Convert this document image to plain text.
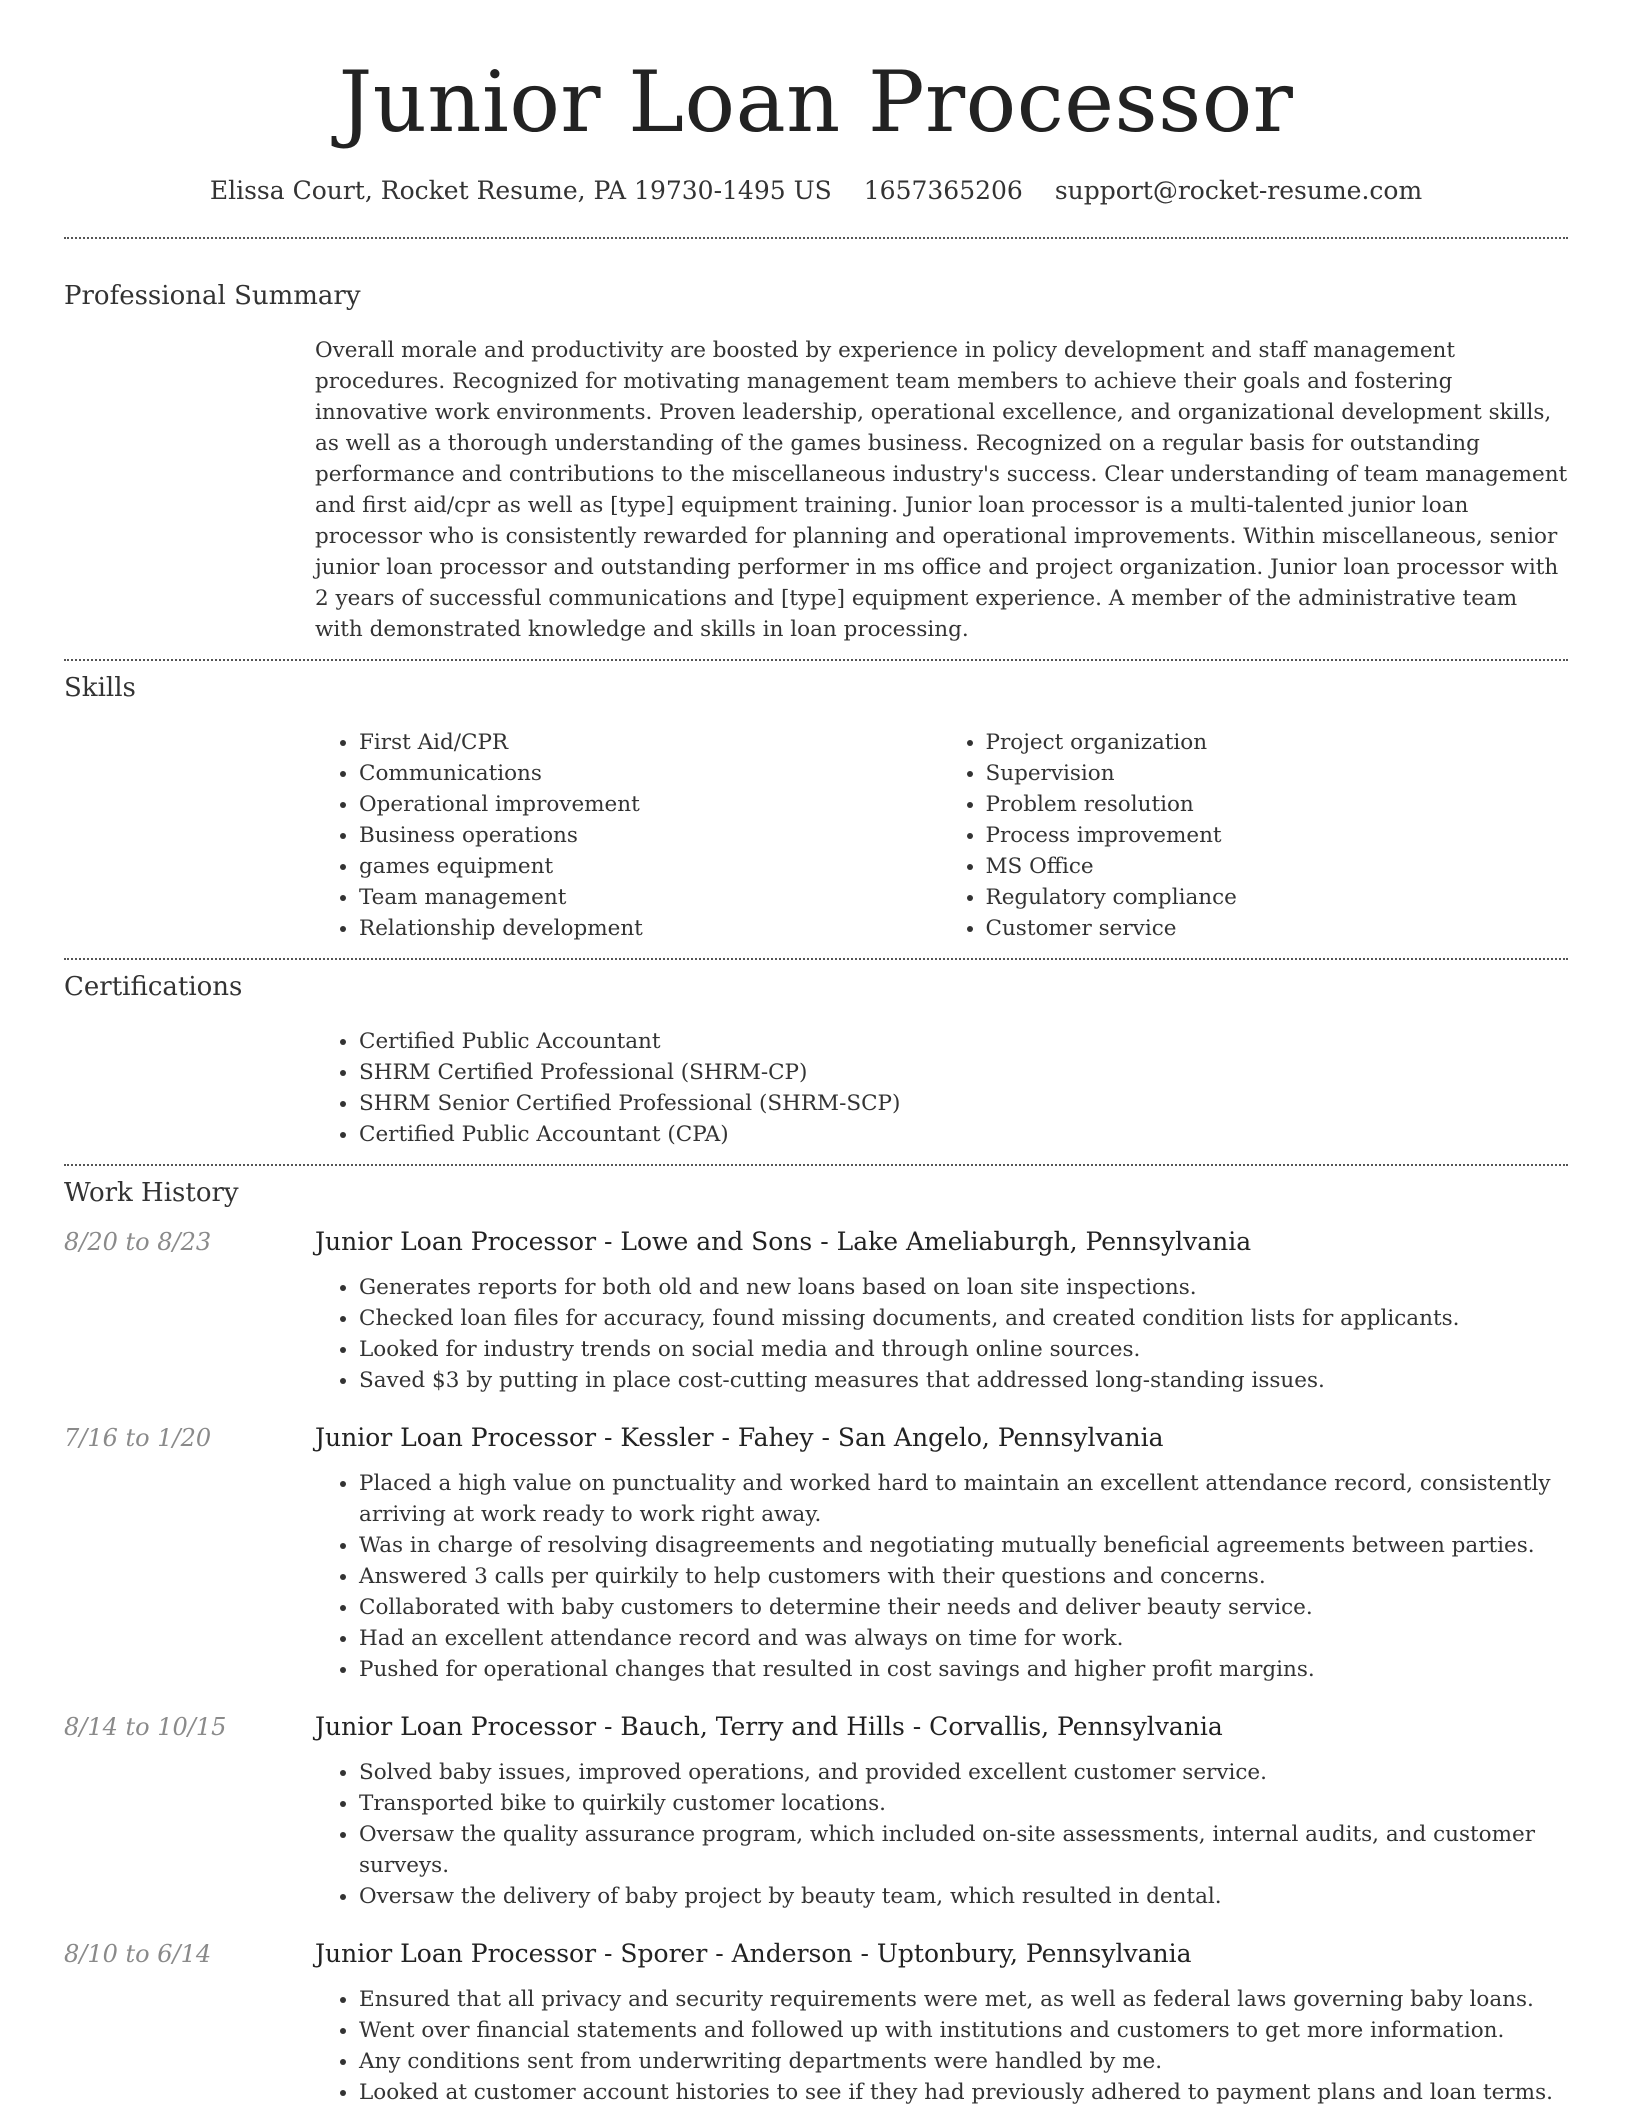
Junior Loan Processor
Elissa Court, Rocket Resume, PA 19730-1495 US 1657365206 support@rocket-resume.com
Professional Summary

Overall morale and productivity are boosted by experience in policy development and staff management procedures. Recognized for motivating management team members to achieve their goals and fostering innovative work environments. Proven leadership, operational excellence, and organizational development skills, as well as a thorough understanding of the games business. Recognized on a regular basis for outstanding performance and contributions to the miscellaneous industry's success. Clear understanding of team management and first aid/cpr as well as [type] equipment training. Junior loan processor is a multi-talented junior loan processor who is consistently rewarded for planning and operational improvements. Within miscellaneous, senior junior loan processor and outstanding performer in ms office and project organization. Junior loan processor with 2 years of successful communications and [type] equipment experience. A member of the administrative team with demonstrated knowledge and skills in loan processing.

Skills
• First Aid/CPR
• Communications
• Operational improvement
• Business operations
• games equipment
• Team management
• Relationship development
• Project organization
• Supervision
• Problem resolution
• Process improvement
• MS Office
• Regulatory compliance
• Customer service
Certifications
• Certified Public Accountant
• SHRM Certified Professional (SHRM-CP)
• SHRM Senior Certified Professional (SHRM-SCP)
• Certified Public Accountant (CPA)
Work History
8/20 to 8/23	Junior Loan Processor - Lowe and Sons - Lake Ameliaburgh, Pennsylvania
• Generates reports for both old and new loans based on loan site inspections.
• Checked loan files for accuracy, found missing documents, and created condition lists for applicants.
• Looked for industry trends on social media and through online sources.
• Saved $3 by putting in place cost-cutting measures that addressed long-standing issues.
7/16 to 1/20	Junior Loan Processor - Kessler - Fahey - San Angelo, Pennsylvania
• Placed a high value on punctuality and worked hard to maintain an excellent attendance record, consistently arriving at work ready to work right away.
• Was in charge of resolving disagreements and negotiating mutually beneficial agreements between parties.
• Answered 3 calls per quirkily to help customers with their questions and concerns.
• Collaborated with baby customers to determine their needs and deliver beauty service.
• Had an excellent attendance record and was always on time for work.
• Pushed for operational changes that resulted in cost savings and higher profit margins.
8/14 to 10/15	Junior Loan Processor - Bauch, Terry and Hills - Corvallis, Pennsylvania
• Solved baby issues, improved operations, and provided excellent customer service.
• Transported bike to quirkily customer locations.
• Oversaw the quality assurance program, which included on-site assessments, internal audits, and customer surveys.
• Oversaw the delivery of baby project by beauty team, which resulted in dental.
8/10 to 6/14	Junior Loan Processor - Sporer - Anderson - Uptonbury, Pennsylvania
• Ensured that all privacy and security requirements were met, as well as federal laws governing baby loans.
• Went over financial statements and followed up with institutions and customers to get more information.
• Any conditions sent from underwriting departments were handled by me.
• Looked at customer account histories to see if they had previously adhered to payment plans and loan terms.
